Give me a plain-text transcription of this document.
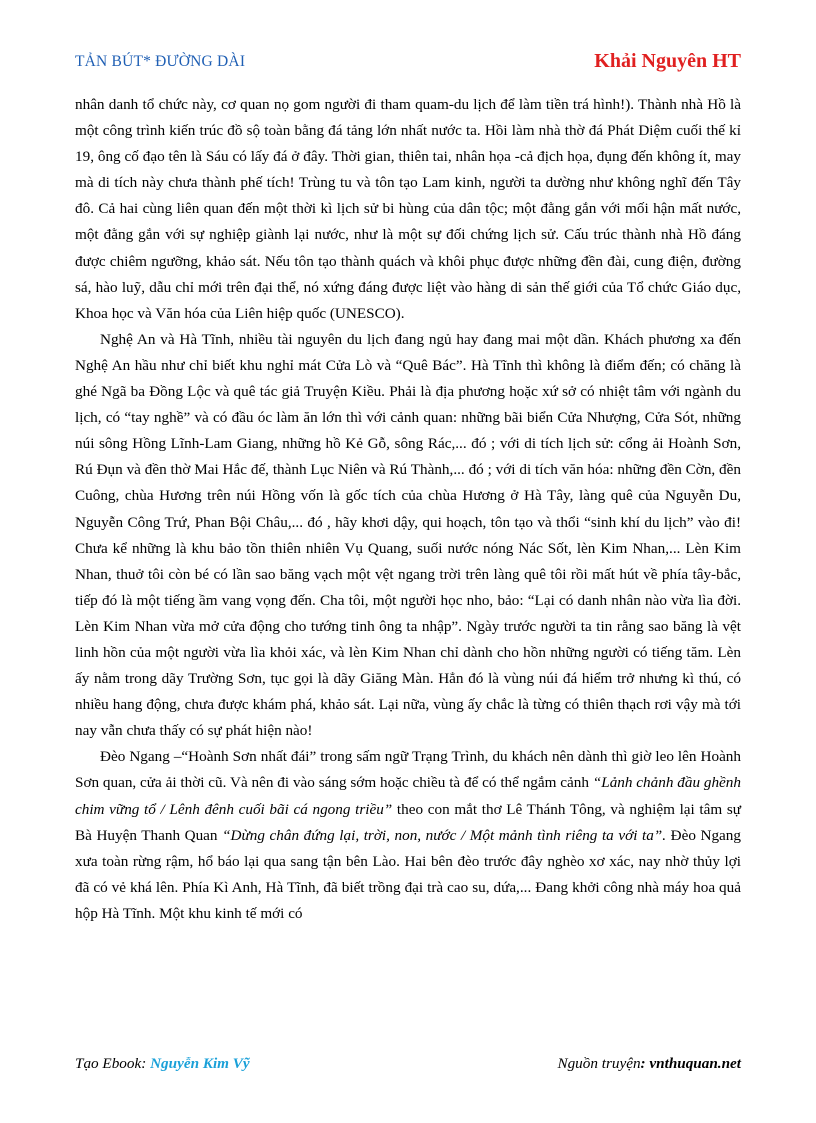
TẢN BÚT* ĐƯỜNG DÀI	Khải Nguyên HT

nhân danh tổ chức này, cơ quan nọ gom người đi tham quam-du lịch để làm tiền trá hình!). Thành nhà Hồ là một công trình kiến trúc đồ sộ toàn bằng đá tảng lớn nhất nước ta. Hồi làm nhà thờ đá Phát Diệm cuối thế kỉ 19, ông cố đạo tên là Sáu có lấy đá ở đây. Thời gian, thiên tai, nhân họa -cả địch họa, đụng đến không ít, may mà di tích này chưa thành phế tích! Trùng tu và tôn tạo Lam kinh, người ta dường như không nghĩ đến Tây đô. Cả hai cùng liên quan đến một thời kì lịch sử bi hùng của dân tộc; một đằng gắn với mối hận mất nước, một đằng gắn với sự nghiệp giành lại nước, như là một sự đối chứng lịch sử. Cấu trúc thành nhà Hồ đáng được chiêm ngưỡng, khảo sát. Nếu tôn tạo thành quách và khôi phục được những đền đài, cung điện, đường sá, hào luỹ, dẫu chỉ mới trên đại thể, nó xứng đáng được liệt vào hàng di sản thế giới của Tổ chức Giáo dục, Khoa học và Văn hóa của Liên hiệp quốc (UNESCO).

Nghệ An và Hà Tĩnh, nhiều tài nguyên du lịch đang ngủ hay đang mai một dần. Khách phương xa đến Nghệ An hầu như chỉ biết khu nghỉ mát Cửa Lò và “Quê Bác”. Hà Tĩnh thì không là điểm đến; có chăng là ghé Ngã ba Đồng Lộc và quê tác giả Truyện Kiều. Phải là địa phương hoặc xứ sở có nhiệt tâm với ngành du lịch, có “tay nghề” và có đầu óc làm ăn lớn thì với cảnh quan: những bãi biển Cửa Nhượng, Cửa Sót, những núi sông Hồng Lĩnh-Lam Giang, những hồ Kẻ Gỗ, sông Rác,... đó ; với di tích lịch sử: cổng ải Hoành Sơn, Rú Đụn và đền thờ Mai Hắc đế, thành Lục Niên và Rú Thành,... đó ; với di tích văn hóa: những đền Cờn, đền Cuông, chùa Hương trên núi Hồng vốn là gốc tích của chùa Hương ở Hà Tây, làng quê của Nguyễn Du, Nguyễn Công Trứ, Phan Bội Châu,... đó , hãy khơi dậy, qui hoạch, tôn tạo và thổi “sinh khí du lịch” vào đi! Chưa kể những là khu bảo tồn thiên nhiên Vụ Quang, suối nước nóng Nác Sốt, lèn Kim Nhan,... Lèn Kim Nhan, thuở tôi còn bé có lần sao băng vạch một vệt ngang trời trên làng quê tôi rồi mất hút về phía tây-bắc, tiếp đó là một tiếng ầm vang vọng đến. Cha tôi, một người học nho, bảo: “Lại có danh nhân nào vừa lìa đời. Lèn Kim Nhan vừa mở cửa động cho tướng tinh ông ta nhập”. Ngày trước người ta tin rằng sao băng là vệt linh hồn của một người vừa lìa khỏi xác, và lèn Kim Nhan chỉ dành cho hồn những người có tiếng tăm. Lèn ấy nằm trong dãy Trường Sơn, tục gọi là dãy Giăng Màn. Hẳn đó là vùng núi đá hiểm trở nhưng kì thú, có nhiều hang động, chưa được khám phá, khảo sát. Lại nữa, vùng ấy chắc là từng có thiên thạch rơi vậy mà tới nay vẫn chưa thấy có sự phát hiện nào!

Đèo Ngang –“Hoành Sơn nhất đái” trong sấm ngữ Trạng Trình, du khách nên dành thì giờ leo lên Hoành Sơn quan, cửa ải thời cũ. Và nên đi vào sáng sớm hoặc chiều tà để có thể ngắm cảnh “Lảnh chảnh đầu ghềnh chim vững tổ / Lênh đênh cuối bãi cá ngong triều” theo con mắt thơ Lê Thánh Tông, và nghiệm lại tâm sự Bà Huyện Thanh Quan “Dừng chân đứng lại, trời, non, nước / Một mảnh tình riêng ta với ta”. Đèo Ngang xưa toàn rừng rậm, hổ báo lại qua sang tận bên Lào. Hai bên đèo trước đây nghèo xơ xác, nay nhờ thủy lợi đã có vẻ khá lên. Phía Kì Anh, Hà Tĩnh, đã biết trồng đại trà cao su, dứa,... Đang khởi công nhà máy hoa quả hộp Hà Tĩnh. Một khu kinh tế mới có

Tạo Ebook: Nguyễn Kim Vỹ	Nguồn truyện: vnthuquan.net
